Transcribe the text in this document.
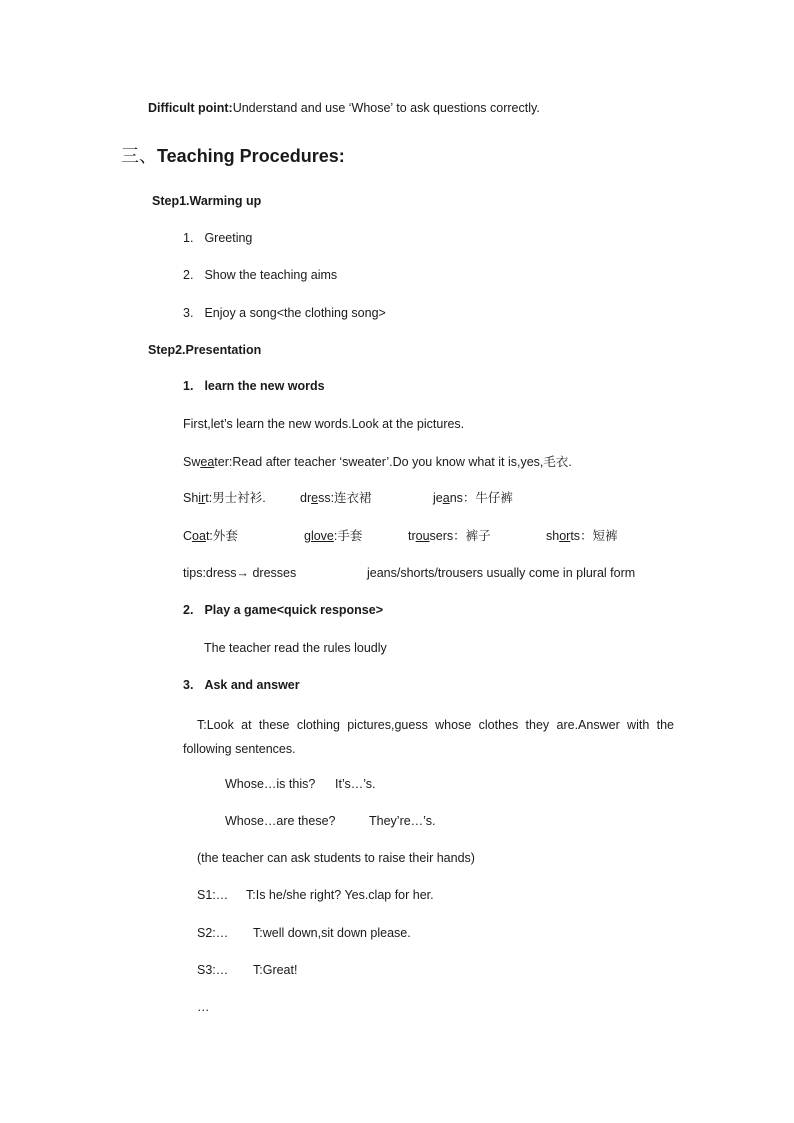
Difficult point:Understand and use ‘Whose’ to ask questions correctly.
三、Teaching Procedures:
Step1.Warming up
1. Greeting
2. Show the teaching aims
3. Enjoy a song<the clothing song>
Step2.Presentation
1. learn the new words
First,let’s learn the new words.Look at the pictures.
Sweater:Read after teacher ‘sweater’.Do you know what it is,yes,毛衣.
Shirt:男士衬衫.	dress:连衣裙	jeans：牛仔裤
Coat:外套	glove:手套	trousers：裤子	shorts：短裤
tips:dress→ dresses	jeans/shorts/trousers usually come in plural form
2. Play a game<quick response>
The teacher read the rules loudly
3. Ask and answer
T:Look at these clothing pictures,guess whose clothes they are.Answer with the following sentences.
Whose…is this? It’s…’s.
Whose…are these?	They’re…’s.
(the teacher can ask students to raise their hands)
S1:… T:Is he/she right? Yes.clap for her.
S2:… T:well down,sit down please.
S3:… T:Great!
…
